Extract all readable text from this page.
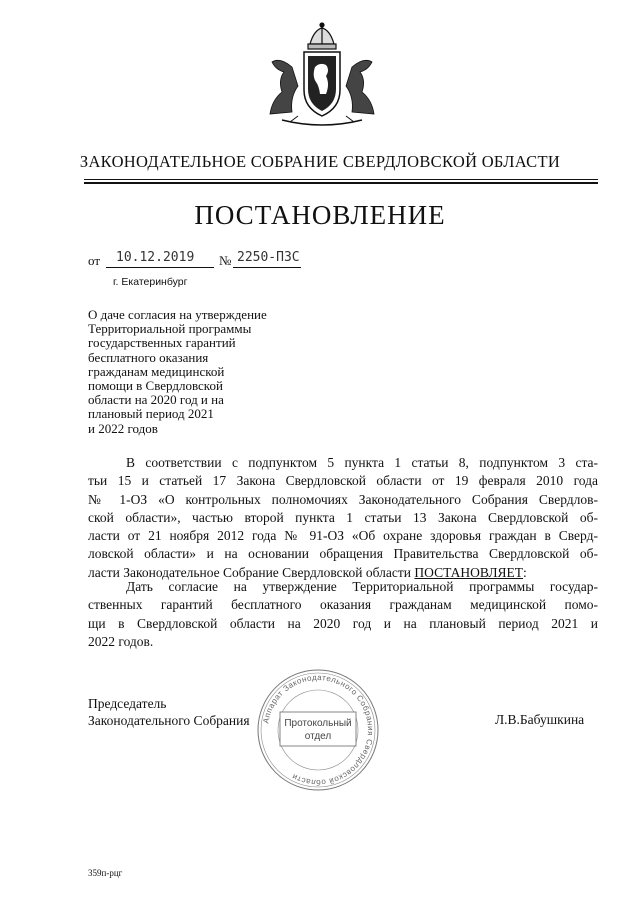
ЗАКОНОДАТЕЛЬНОЕ СОБРАНИЕ СВЕРДЛОВСКОЙ ОБЛАСТИ
ПОСТАНОВЛЕНИЕ
от 10.12.2019 № 2250-ПЗС
г. Екатеринбург
О даче согласия на утверждение
Территориальной программы
государственных гарантий
бесплатного оказания
гражданам медицинской
помощи в Свердловской
области на 2020 год и на
плановый период 2021
и 2022 годов
В соответствии с подпунктом 5 пункта 1 статьи 8, подпунктом 3 ста-
тьи 15 и статьей 17 Закона Свердловской области от 19 февраля 2010 года
№ 1-ОЗ «О контрольных полномочиях Законодательного Собрания Свердлов-
ской области», частью второй пункта 1 статьи 13 Закона Свердловской об-
ласти от 21 ноября 2012 года № 91-ОЗ «Об охране здоровья граждан в Сверд-
ловской области» и на основании обращения Правительства Свердловской об-
ласти Законодательное Собрание Свердловской области ПОСТАНОВЛЯЕТ:
Дать согласие на утверждение Территориальной программы государ-
ственных гарантий бесплатного оказания гражданам медицинской помо-
щи в Свердловской области на 2020 год и на плановый период 2021 и
2022 годов.
Председатель
Законодательного Собрания Аппарат Законодательного Собрания Свердловской области
Протокольный
отдел
Л.В.Бабушкина
359п-рцг
